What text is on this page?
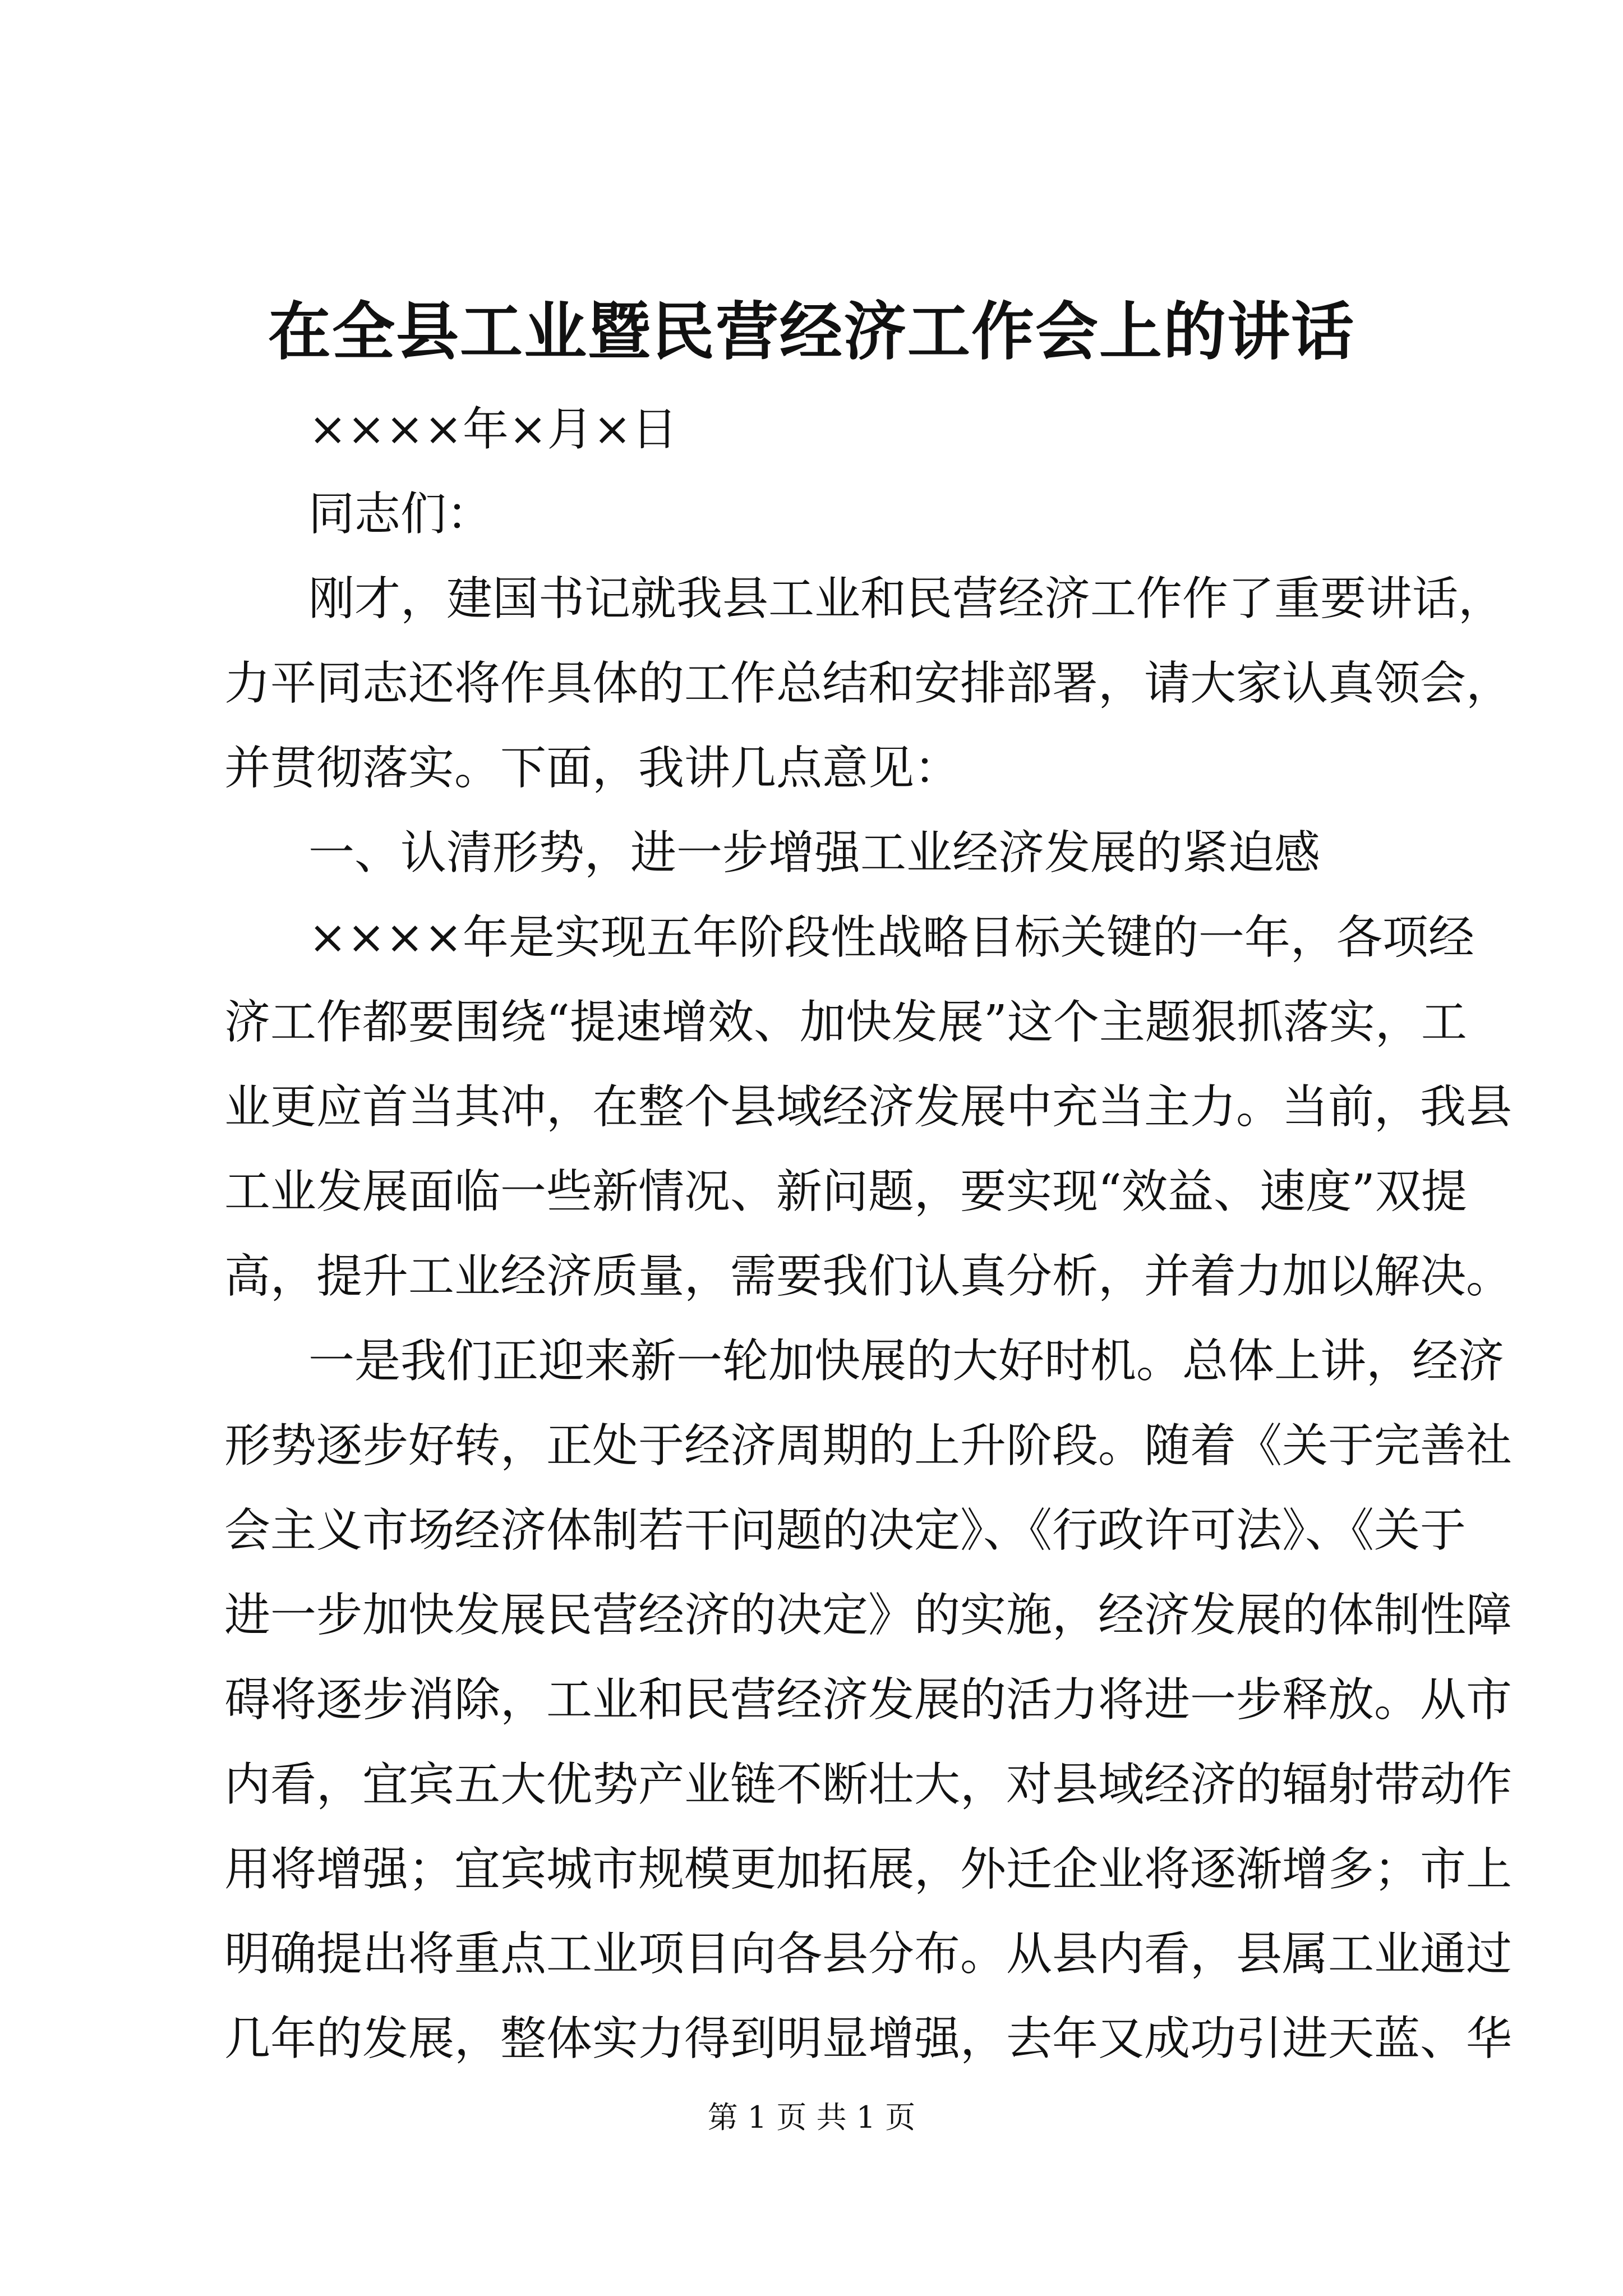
在全县工业暨民营经济工作会上的讲话
××××年×月×日
同志们：
刚才，建国书记就我县工业和民营经济工作作了重要讲话，
力平同志还将作具体的工作总结和安排部署，请大家认真领会，
并贯彻落实。下面，我讲几点意见：
一、认清形势，进一步增强工业经济发展的紧迫感
××××年是实现五年阶段性战略目标关键的一年，各项经
济工作都要围绕“提速增效、加快发展”这个主题狠抓落实，工
业更应首当其冲，在整个县域经济发展中充当主力。当前，我县
工业发展面临一些新情况、新问题，要实现“效益、速度”双提
高，提升工业经济质量，需要我们认真分析，并着力加以解决。
一是我们正迎来新一轮加快展的大好时机。总体上讲，经济
形势逐步好转，正处于经济周期的上升阶段。随着《关于完善社
会主义市场经济体制若干问题的决定》、《行政许可法》、《关于
进一步加快发展民营经济的决定》的实施，经济发展的体制性障
碍将逐步消除，工业和民营经济发展的活力将进一步释放。从市
内看，宜宾五大优势产业链不断壮大，对县域经济的辐射带动作
用将增强；宜宾城市规模更加拓展，外迁企业将逐渐增多；市上
明确提出将重点工业项目向各县分布。从县内看，县属工业通过
几年的发展，整体实力得到明显增强，去年又成功引进天蓝、华
第 1 页 共 1 页
